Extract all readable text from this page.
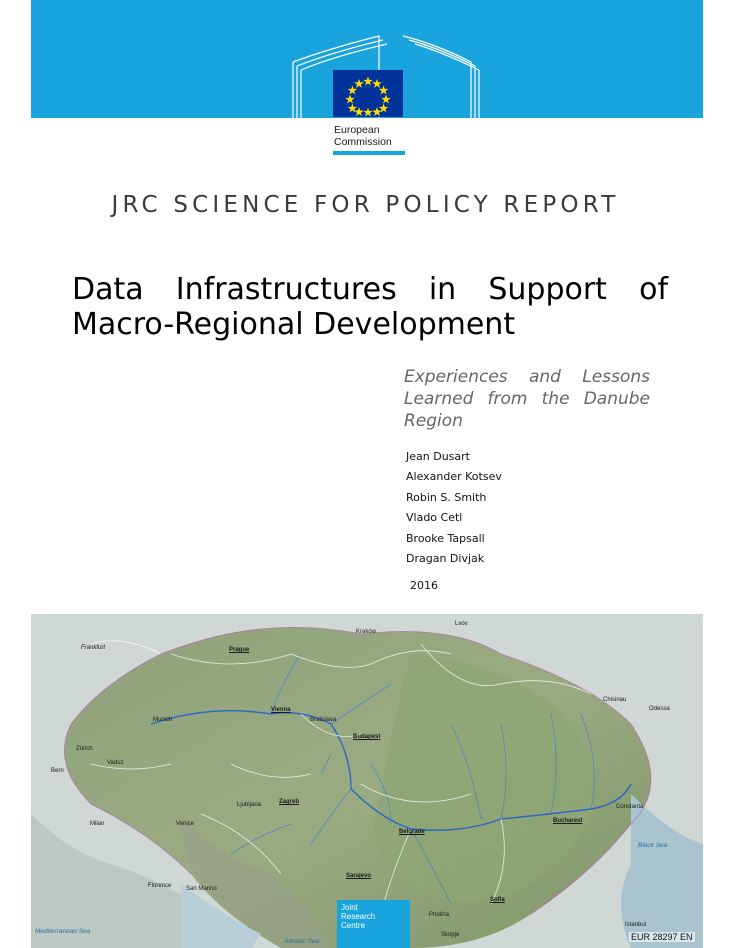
European
Commission
JRC SCIENCE FOR POLICY REPORT
Data Infrastructures in Support of Macro-Regional Development
Experiences and Lessons Learned from the Danube Region
Jean Dusart
Alexander Kotsev
Robin S. Smith
Vlado Cetl
Brooke Tapsall
Dragan Divjak
2016
Kraków
Lvov
Frankfurt	Prague
Chisinau
Odessa
Munich
Vienna
Bratislava
Budapest
Zürich
Bern
Vaduz
Ljubljana	Zagreb
Constanta
Milan	Venice
Belgrade
Bucharest
Florence San Marino
Sarajevo
Sofia
Pristina
Skopje
Istanbul
Black Sea
Adriatic Sea
Mediterranean Sea
Joint
Research
Centre
EUR 28297 EN
